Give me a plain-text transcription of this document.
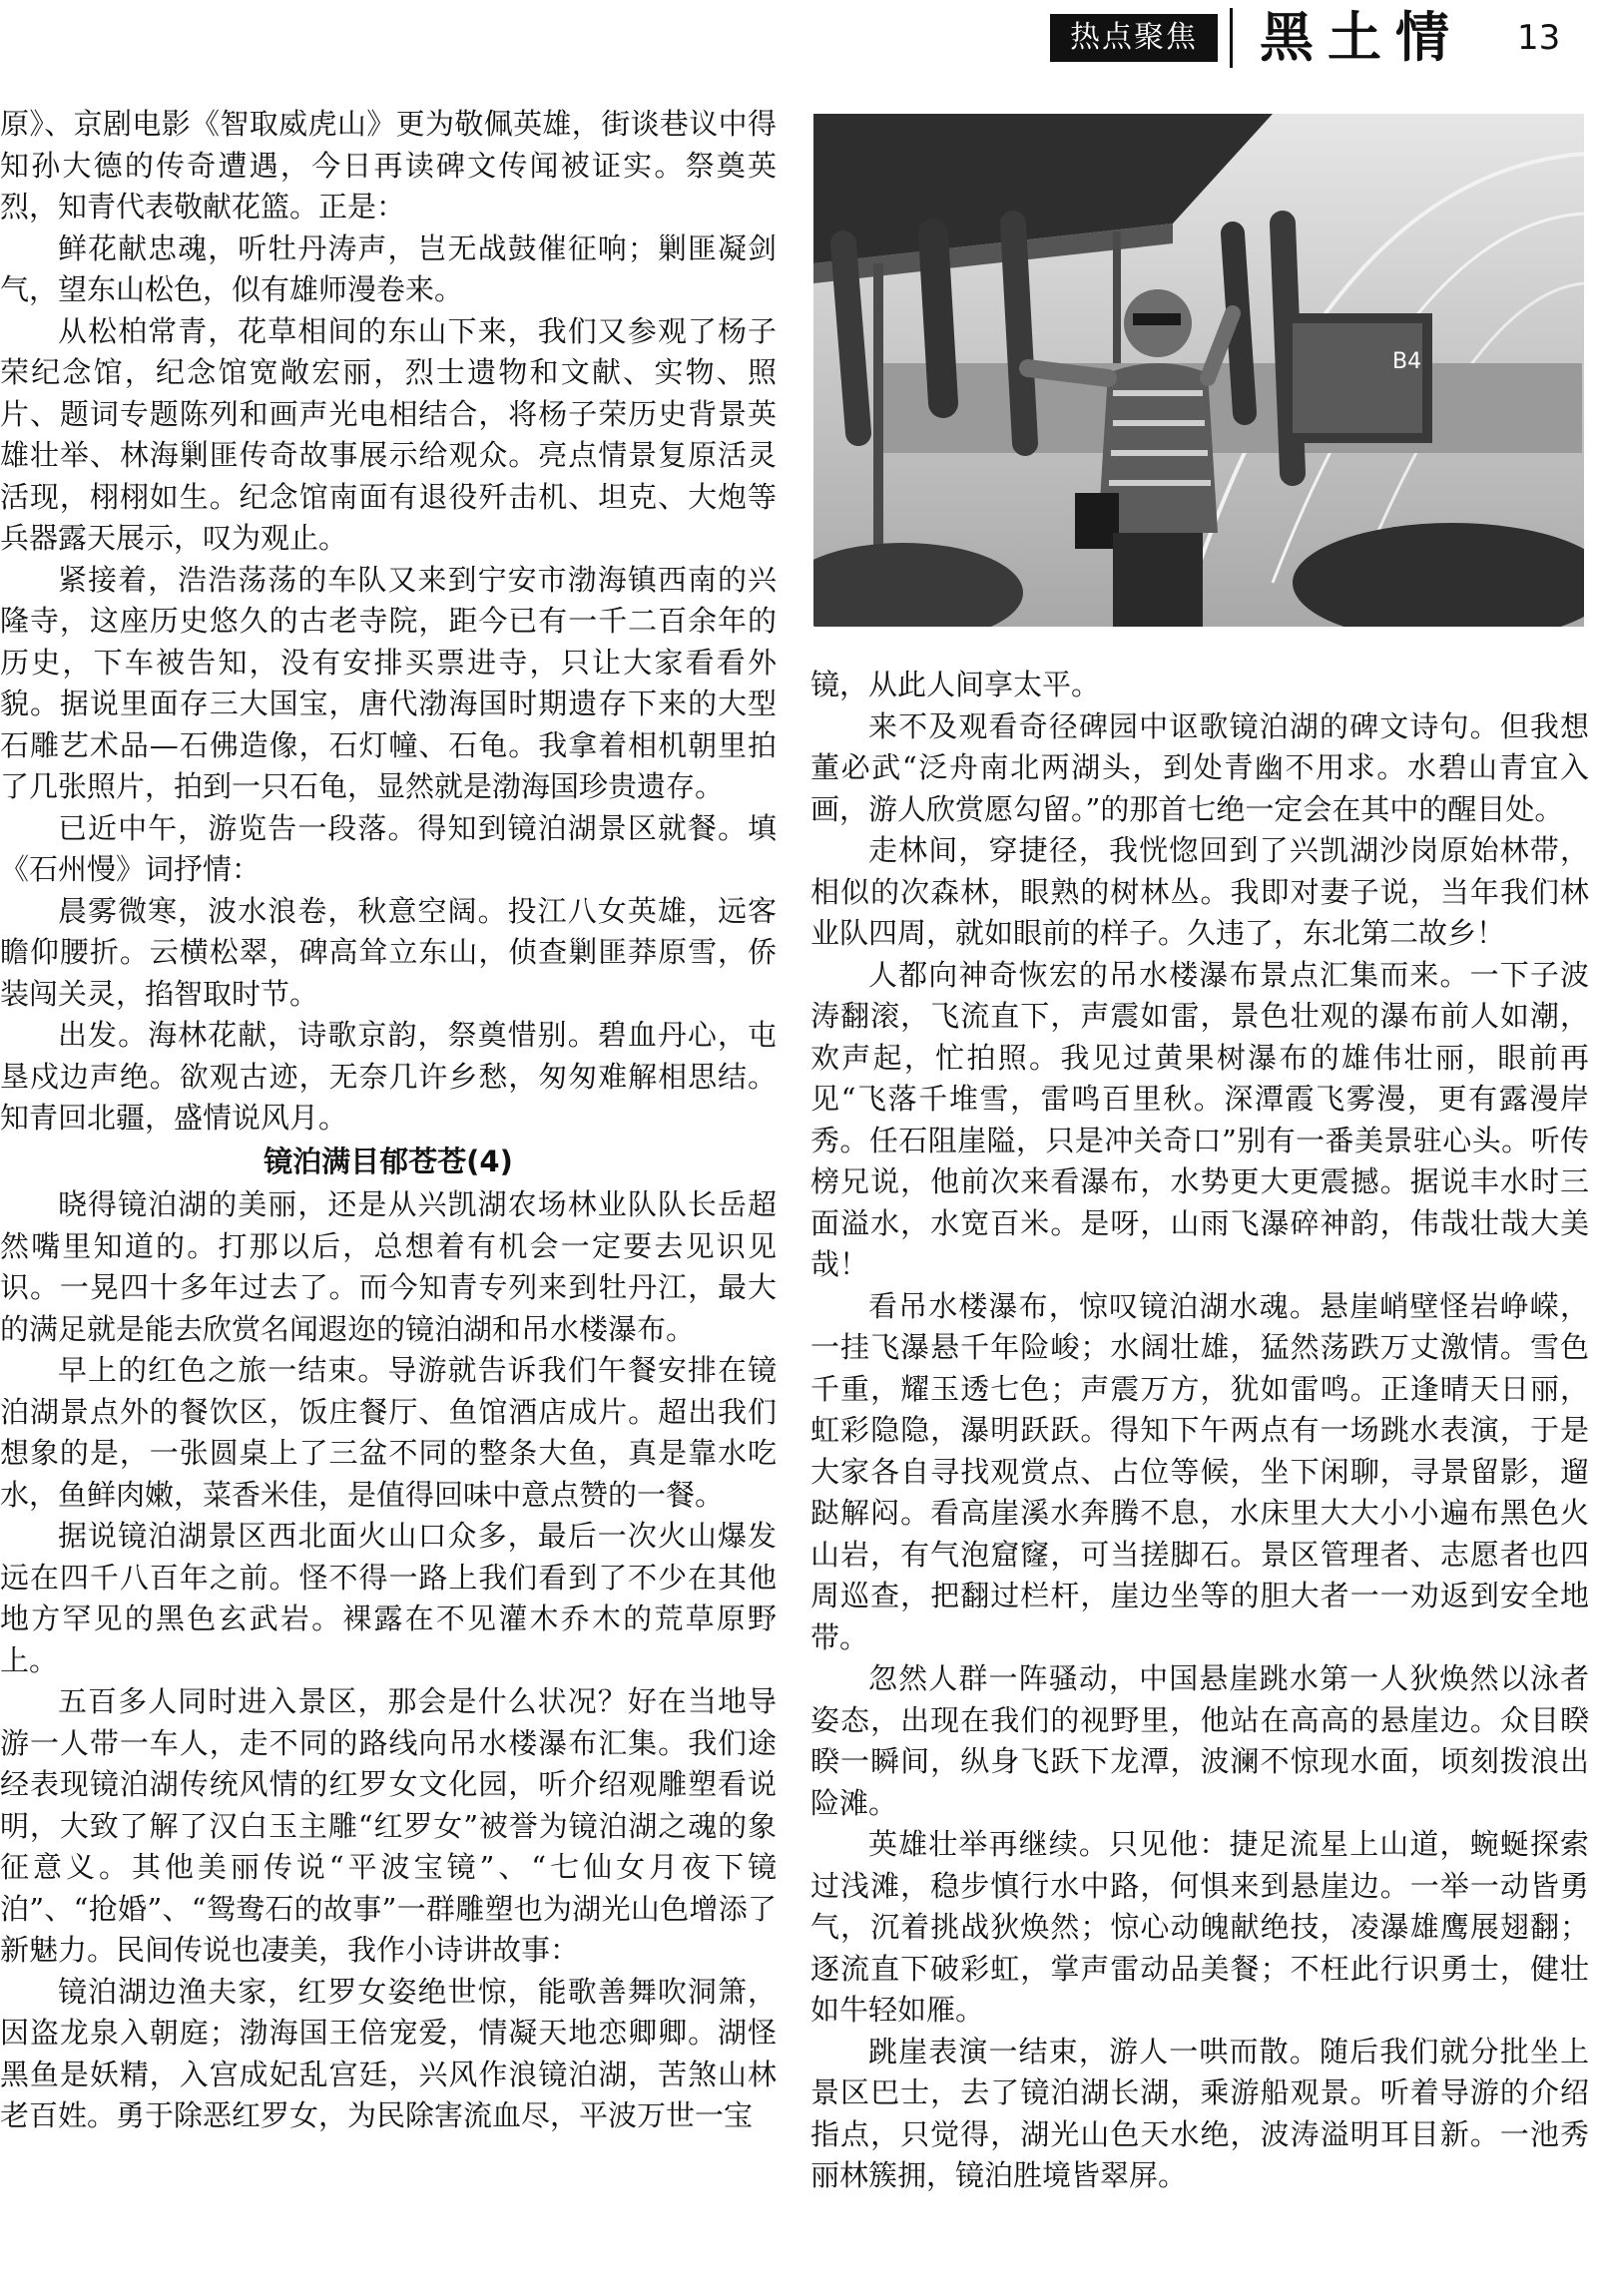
热点聚焦	黑土情	13

原》、京剧电影《智取威虎山》更为敬佩英雄，街谈巷议中得知孙大德的传奇遭遇，今日再读碑文传闻被证实。祭奠英烈，知青代表敬献花篮。正是：

鲜花献忠魂，听牡丹涛声，岂无战鼓催征响；剿匪凝剑气，望东山松色，似有雄师漫卷来。

从松柏常青，花草相间的东山下来，我们又参观了杨子荣纪念馆，纪念馆宽敞宏丽，烈士遗物和文献、实物、照片、题词专题陈列和画声光电相结合，将杨子荣历史背景英雄壮举、林海剿匪传奇故事展示给观众。亮点情景复原活灵活现，栩栩如生。纪念馆南面有退役歼击机、坦克、大炮等兵器露天展示，叹为观止。

紧接着，浩浩荡荡的车队又来到宁安市渤海镇西南的兴隆寺，这座历史悠久的古老寺院，距今已有一千二百余年的历史，下车被告知，没有安排买票进寺，只让大家看看外貌。据说里面存三大国宝，唐代渤海国时期遗存下来的大型石雕艺术品—石佛造像，石灯幢、石龟。我拿着相机朝里拍了几张照片，拍到一只石龟，显然就是渤海国珍贵遗存。

已近中午，游览告一段落。得知到镜泊湖景区就餐。填《石州慢》词抒情：

晨雾微寒，波水浪卷，秋意空阔。投江八女英雄，远客瞻仰腰折。云横松翠，碑高耸立东山，侦查剿匪莽原雪，侨装闯关灵，掐智取时节。

出发。海林花献，诗歌京韵，祭奠惜别。碧血丹心，屯垦戍边声绝。欲观古迹，无奈几许乡愁，匆匆难解相思结。知青回北疆，盛情说风月。

镜泊满目郁苍苍(4)

晓得镜泊湖的美丽，还是从兴凯湖农场林业队队长岳超然嘴里知道的。打那以后，总想着有机会一定要去见识见识。一晃四十多年过去了。而今知青专列来到牡丹江，最大的满足就是能去欣赏名闻遐迩的镜泊湖和吊水楼瀑布。

早上的红色之旅一结束。导游就告诉我们午餐安排在镜泊湖景点外的餐饮区，饭庄餐厅、鱼馆酒店成片。超出我们想象的是，一张圆桌上了三盆不同的整条大鱼，真是靠水吃水，鱼鲜肉嫩，菜香米佳，是值得回味中意点赞的一餐。

据说镜泊湖景区西北面火山口众多，最后一次火山爆发远在四千八百年之前。怪不得一路上我们看到了不少在其他地方罕见的黑色玄武岩。裸露在不见灌木乔木的荒草原野上。

五百多人同时进入景区，那会是什么状况？好在当地导游一人带一车人，走不同的路线向吊水楼瀑布汇集。我们途经表现镜泊湖传统风情的红罗女文化园，听介绍观雕塑看说明，大致了解了汉白玉主雕“红罗女”被誉为镜泊湖之魂的象征意义。其他美丽传说“平波宝镜”、“七仙女月夜下镜泊”、“抢婚”、“鸳鸯石的故事”一群雕塑也为湖光山色增添了新魅力。民间传说也凄美，我作小诗讲故事：

镜泊湖边渔夫家，红罗女姿绝世惊，能歌善舞吹洞箫，因盗龙泉入朝庭；渤海国王倍宠爱，情凝天地恋卿卿。湖怪黑鱼是妖精，入宫成妃乱宫廷，兴风作浪镜泊湖，苦煞山林老百姓。勇于除恶红罗女，为民除害流血尽，平波万世一宝

B4

镜，从此人间享太平。

来不及观看奇径碑园中讴歌镜泊湖的碑文诗句。但我想董必武“泛舟南北两湖头，到处青幽不用求。水碧山青宜入画，游人欣赏愿勾留。”的那首七绝一定会在其中的醒目处。

走林间，穿捷径，我恍惚回到了兴凯湖沙岗原始林带，相似的次森林，眼熟的树林丛。我即对妻子说，当年我们林业队四周，就如眼前的样子。久违了，东北第二故乡！

人都向神奇恢宏的吊水楼瀑布景点汇集而来。一下子波涛翻滚，飞流直下，声震如雷，景色壮观的瀑布前人如潮，欢声起，忙拍照。我见过黄果树瀑布的雄伟壮丽，眼前再见“飞落千堆雪，雷鸣百里秋。深潭霞飞雾漫，更有露漫岸秀。任石阻崖隘，只是冲关奇口”别有一番美景驻心头。听传榜兄说，他前次来看瀑布，水势更大更震撼。据说丰水时三面溢水，水宽百米。是呀，山雨飞瀑碎神韵，伟哉壮哉大美哉！

看吊水楼瀑布，惊叹镜泊湖水魂。悬崖峭壁怪岩峥嵘，一挂飞瀑悬千年险峻；水阔壮雄，猛然荡跌万丈激情。雪色千重，耀玉透七色；声震万方，犹如雷鸣。正逢晴天日丽，虹彩隐隐，瀑明跃跃。得知下午两点有一场跳水表演，于是大家各自寻找观赏点、占位等候，坐下闲聊，寻景留影，遛跶解闷。看高崖溪水奔腾不息，水床里大大小小遍布黑色火山岩，有气泡窟窿，可当搓脚石。景区管理者、志愿者也四周巡查，把翻过栏杆，崖边坐等的胆大者一一劝返到安全地带。

忽然人群一阵骚动，中国悬崖跳水第一人狄焕然以泳者姿态，出现在我们的视野里，他站在高高的悬崖边。众目睽睽一瞬间，纵身飞跃下龙潭，波澜不惊现水面，顷刻拨浪出险滩。

英雄壮举再继续。只见他：捷足流星上山道，蜿蜒探索过浅滩，稳步慎行水中路，何惧来到悬崖边。一举一动皆勇气，沉着挑战狄焕然；惊心动魄献绝技，凌瀑雄鹰展翅翻；逐流直下破彩虹，掌声雷动品美餐；不枉此行识勇士，健壮如牛轻如雁。

跳崖表演一结束，游人一哄而散。随后我们就分批坐上景区巴士，去了镜泊湖长湖，乘游船观景。听着导游的介绍指点，只觉得，湖光山色天水绝，波涛溢明耳目新。一池秀丽林簇拥，镜泊胜境皆翠屏。
